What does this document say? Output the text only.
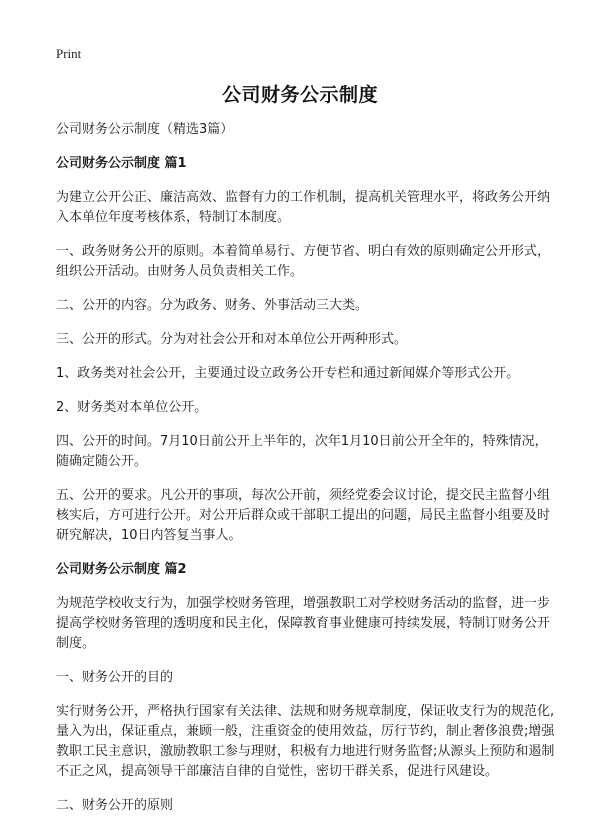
Print
公司财务公示制度

公司财务公示制度（精选3篇）

公司财务公示制度 篇1

为建立公开公正、廉洁高效、监督有力的工作机制，提高机关管理水平，将政务公开纳入本单位年度考核体系，特制订本制度。

一、政务财务公开的原则。本着简单易行、方便节省、明白有效的原则确定公开形式，组织公开活动。由财务人员负责相关工作。

二、公开的内容。分为政务、财务、外事活动三大类。

三、公开的形式。分为对社会公开和对本单位公开两种形式。

1、政务类对社会公开，主要通过设立政务公开专栏和通过新闻媒介等形式公开。

2、财务类对本单位公开。

四、公开的时间。7月10日前公开上半年的，次年1月10日前公开全年的，特殊情况，随确定随公开。

五、公开的要求。凡公开的事项，每次公开前，须经党委会议讨论，提交民主监督小组核实后，方可进行公开。对公开后群众或干部职工提出的问题，局民主监督小组要及时研究解决，10日内答复当事人。

公司财务公示制度 篇2

为规范学校收支行为，加强学校财务管理，增强教职工对学校财务活动的监督，进一步提高学校财务管理的透明度和民主化，保障教育事业健康可持续发展，特制订财务公开制度。

一、财务公开的目的

实行财务公开，严格执行国家有关法律、法规和财务规章制度，保证收支行为的规范化,量入为出，保证重点，兼顾一般，注重资金的使用效益，厉行节约，制止奢侈浪费;增强教职工民主意识，激励教职工参与理财，积极有力地进行财务监督;从源头上预防和遏制不正之风，提高领导干部廉洁自律的自觉性，密切干群关系，促进行风建设。

二、财务公开的原则
